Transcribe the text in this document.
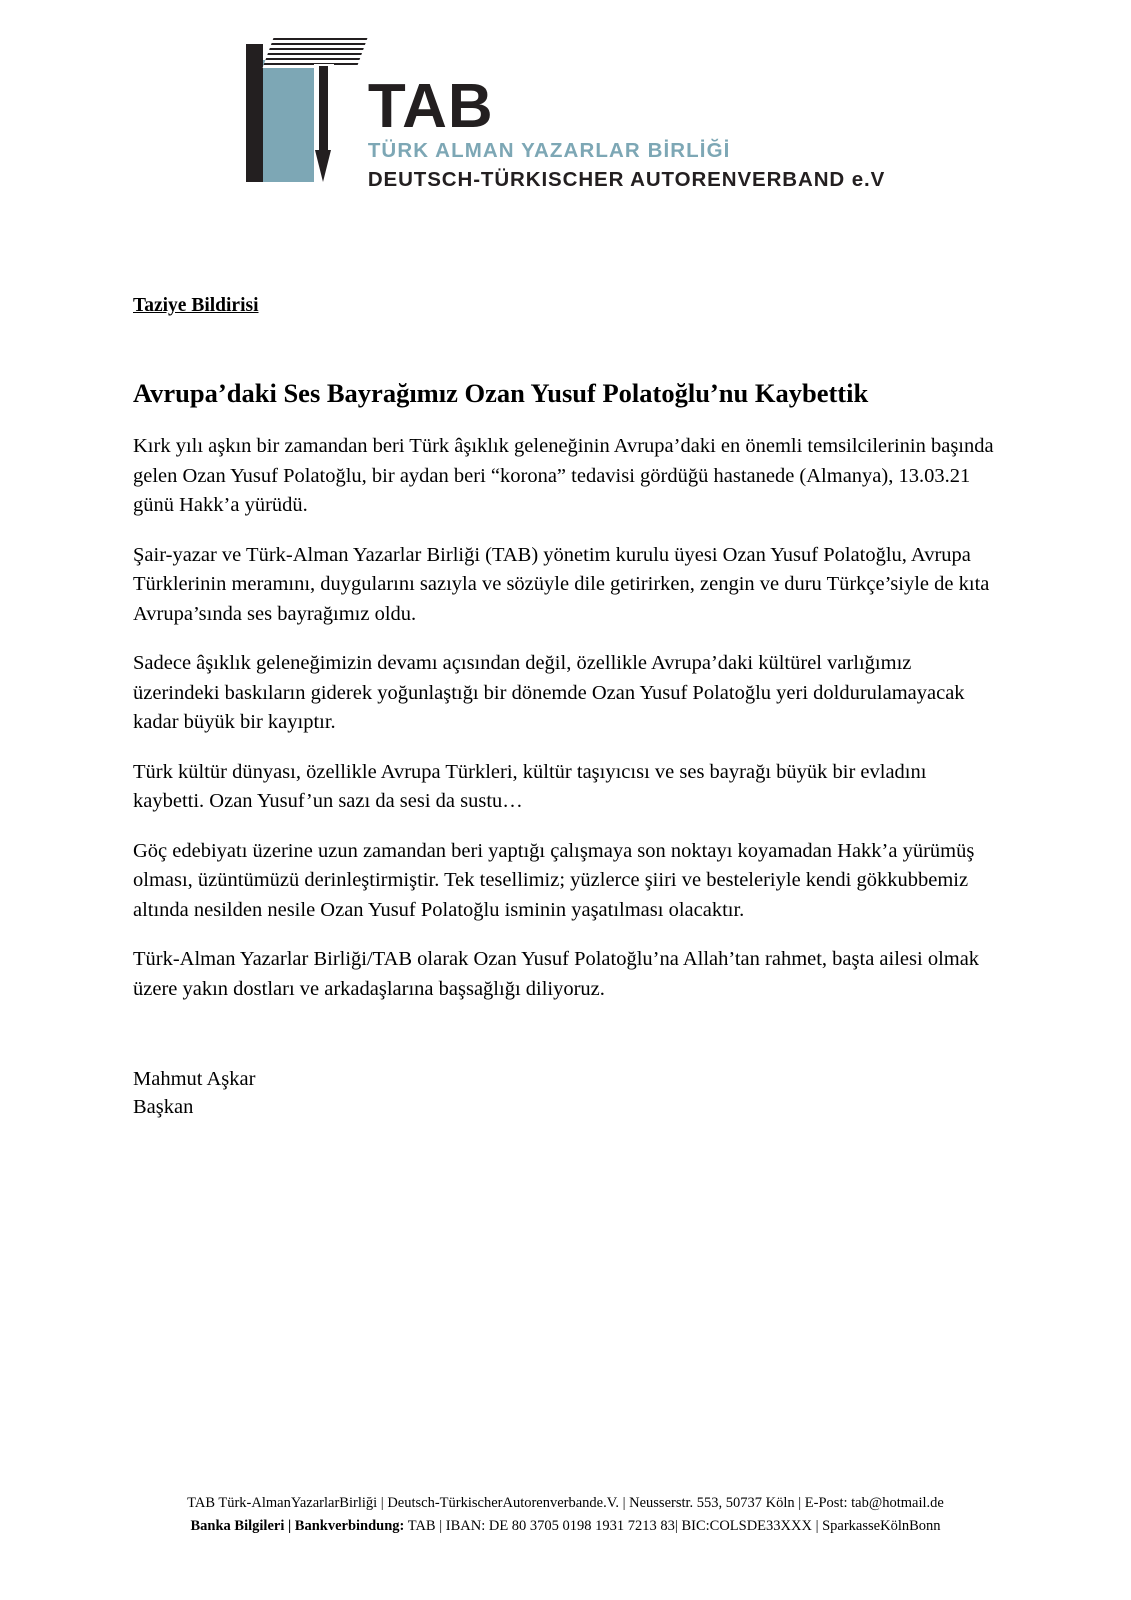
TAB
TÜRK ALMAN YAZARLAR BİRLİĞİ
DEUTSCH-TÜRKISCHER AUTORENVERBAND e.V
Taziye Bildirisi
Avrupa’daki Ses Bayrağımız Ozan Yusuf Polatoğlu’nu Kaybettik

Kırk yılı aşkın bir zamandan beri Türk âşıklık geleneğinin Avrupa’daki en önemli temsilcilerinin başında gelen Ozan Yusuf Polatoğlu, bir aydan beri “korona” tedavisi gördüğü hastanede (Almanya), 13.03.21 günü Hakk’a yürüdü.

Şair-yazar ve Türk-Alman Yazarlar Birliği (TAB) yönetim kurulu üyesi Ozan Yusuf Polatoğlu, Avrupa Türklerinin meramını, duygularını sazıyla ve sözüyle dile getirirken, zengin ve duru Türkçe’siyle de kıta Avrupa’sında ses bayrağımız oldu.

Sadece âşıklık geleneğimizin devamı açısından değil, özellikle Avrupa’daki kültürel varlığımız üzerindeki baskıların giderek yoğunlaştığı bir dönemde Ozan Yusuf Polatoğlu yeri doldurulamayacak kadar büyük bir kayıptır.

Türk kültür dünyası, özellikle Avrupa Türkleri, kültür taşıyıcısı ve ses bayrağı büyük bir evladını kaybetti. Ozan Yusuf’un sazı da sesi da sustu…

Göç edebiyatı üzerine uzun zamandan beri yaptığı çalışmaya son noktayı koyamadan Hakk’a yürümüş olması, üzüntümüzü derinleştirmiştir. Tek tesellimiz; yüzlerce şiiri ve besteleriyle kendi gökkubbemiz altında nesilden nesile Ozan Yusuf Polatoğlu isminin yaşatılması olacaktır.

Türk-Alman Yazarlar Birliği/TAB olarak Ozan Yusuf Polatoğlu’na Allah’tan rahmet, başta ailesi olmak üzere yakın dostları ve arkadaşlarına başsağlığı diliyoruz.

Mahmut Aşkar
Başkan
TAB Türk-AlmanYazarlarBirliği | Deutsch-TürkischerAutorenverbande.V. | Neusserstr. 553, 50737 Köln | E-Post: tab@hotmail.de
Banka Bilgileri | Bankverbindung: TAB | IBAN: DE 80 3705 0198 1931 7213 83| BIC:COLSDE33XXX | SparkasseKölnBonn
